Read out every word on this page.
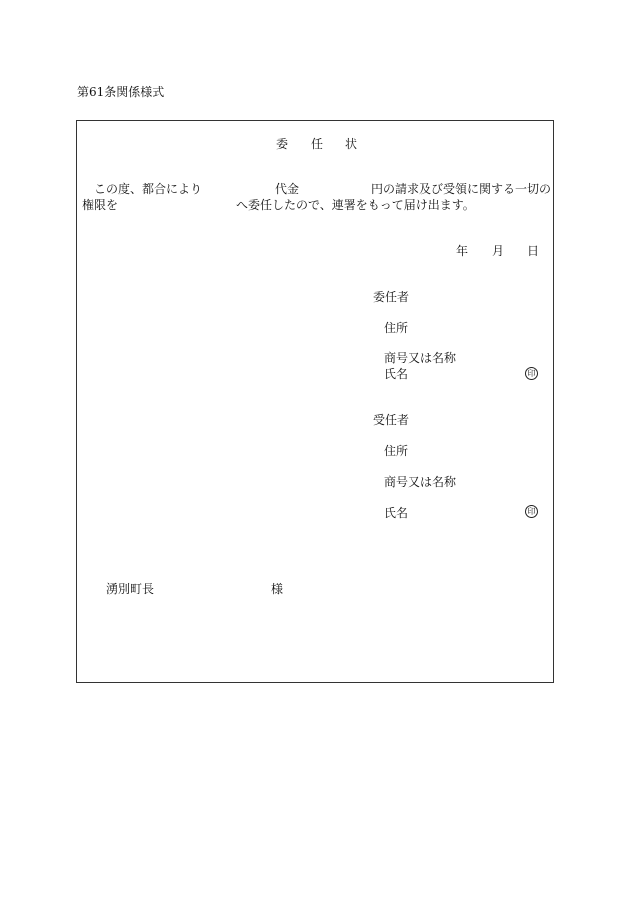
第61条関係様式
委 任 状
この度、都合により	代金	円の請求及び受領に関する一切の
権限を	へ委任したので、連署をもって届け出ます。
年 月 日
委任者
住所
商号又は名称
氏名	印
受任者
住所
商号又は名称
氏名	印
湧別町長	様
